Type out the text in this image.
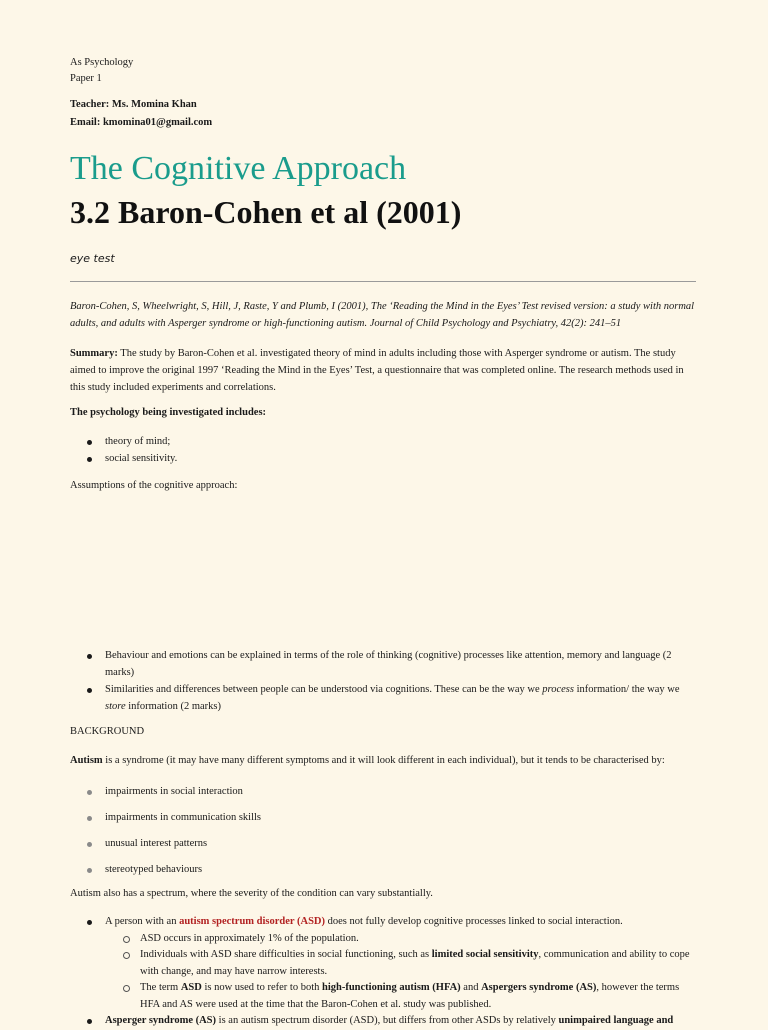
As Psychology
Paper 1
Teacher: Ms. Momina Khan
Email: kmomina01@gmail.com
The Cognitive Approach
3.2 Baron-Cohen et al (2001)
eye test
Baron-Cohen, S, Wheelwright, S, Hill, J, Raste, Y and Plumb, I (2001), The ‘Reading the Mind in the Eyes’ Test revised version: a study with normal adults, and adults with Asperger syndrome or high-functioning autism. Journal of Child Psychology and Psychiatry, 42(2): 241–51
Summary: The study by Baron-Cohen et al. investigated theory of mind in adults including those with Asperger syndrome or autism. The study aimed to improve the original 1997 ‘Reading the Mind in the Eyes’ Test, a questionnaire that was completed online. The research methods used in this study included experiments and correlations.
The psychology being investigated includes:
theory of mind;
social sensitivity.
Assumptions of the cognitive approach:
Behaviour and emotions can be explained in terms of the role of thinking (cognitive) processes like attention, memory and language (2 marks)
Similarities and differences between people can be understood via cognitions. These can be the way we process information/ the way we store information (2 marks)
BACKGROUND
Autism is a syndrome (it may have many different symptoms and it will look different in each individual), but it tends to be characterised by:
impairments in social interaction
impairments in communication skills
unusual interest patterns
stereotyped behaviours
Autism also has a spectrum, where the severity of the condition can vary substantially.
A person with an autism spectrum disorder (ASD) does not fully develop cognitive processes linked to social interaction.
ASD occurs in approximately 1% of the population.
Individuals with ASD share difficulties in social functioning, such as limited social sensitivity, communication and ability to cope with change, and may have narrow interests.
The term ASD is now used to refer to both high-functioning autism (HFA) and Aspergers syndrome (AS), however the terms HFA and AS were used at the time that the Baron-Cohen et al. study was published.
Asperger syndrome (AS) is an autism spectrum disorder (ASD), but differs from other ASDs by relatively unimpaired language and
